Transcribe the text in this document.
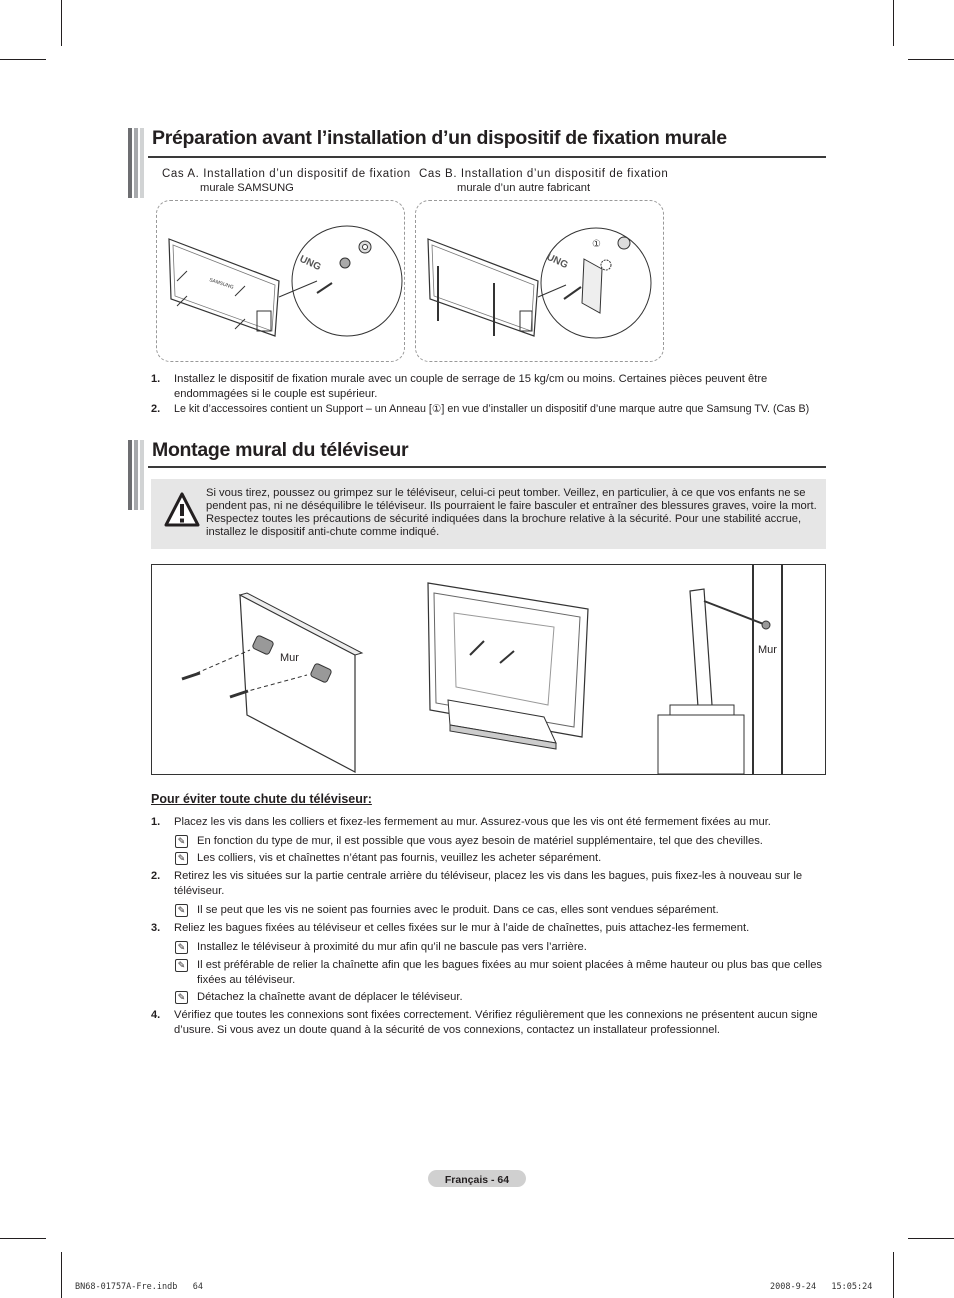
Préparation avant l’installation d’un dispositif de fixation murale
Cas A. Installation d’un dispositif de fixation
murale SAMSUNG
Cas B. Installation d’un dispositif de fixation
murale d’un autre fabricant
SAMSUNG
UNG	UNG
①
1. Installez le dispositif de fixation murale avec un couple de serrage de 15 kg/cm ou moins. Certaines pièces peuvent être endommagées si le couple est supérieur.
2. Le kit d’accessoires contient un Support – un Anneau [①] en vue d’installer un dispositif d’une marque autre que Samsung TV. (Cas B)
Montage mural du téléviseur
Si vous tirez, poussez ou grimpez sur le téléviseur, celui-ci peut tomber. Veillez, en particulier, à ce que vos enfants ne se pendent pas, ni ne déséquilibre le téléviseur. Ils pourraient le faire basculer et entraîner des blessures graves, voire la mort. Respectez toutes les précautions de sécurité indiquées dans la brochure relative à la sécurité. Pour une stabilité accrue, installez le dispositif anti-chute comme indiqué.
Mur
Mur
Pour éviter toute chute du téléviseur:
1. Placez les vis dans les colliers et fixez-les fermement au mur. Assurez-vous que les vis ont été fermement fixées au mur.
✎ En fonction du type de mur, il est possible que vous ayez besoin de matériel supplémentaire, tel que des chevilles.
✎ Les colliers, vis et chaînettes n’étant pas fournis, veuillez les acheter séparément.
2. Retirez les vis situées sur la partie centrale arrière du téléviseur, placez les vis dans les bagues, puis fixez-les à nouveau sur le téléviseur.
✎ Il se peut que les vis ne soient pas fournies avec le produit. Dans ce cas, elles sont vendues séparément.
3. Reliez les bagues fixées au téléviseur et celles fixées sur le mur à l’aide de chaînettes, puis attachez-les fermement.
✎ Installez le téléviseur à proximité du mur afin qu’il ne bascule pas vers l’arrière.
✎ Il est préférable de relier la chaînette afin que les bagues fixées au mur soient placées à même hauteur ou plus bas que celles fixées au téléviseur.
✎ Détachez la chaînette avant de déplacer le téléviseur.
4. Vérifiez que toutes les connexions sont fixées correctement. Vérifiez régulièrement que les connexions ne présentent aucun signe d’usure. Si vous avez un doute quand à la sécurité de vos connexions, contactez un installateur professionnel.
Français - 64
BN68-01757A-Fre.indb   64	2008-9-24   15:05:24
